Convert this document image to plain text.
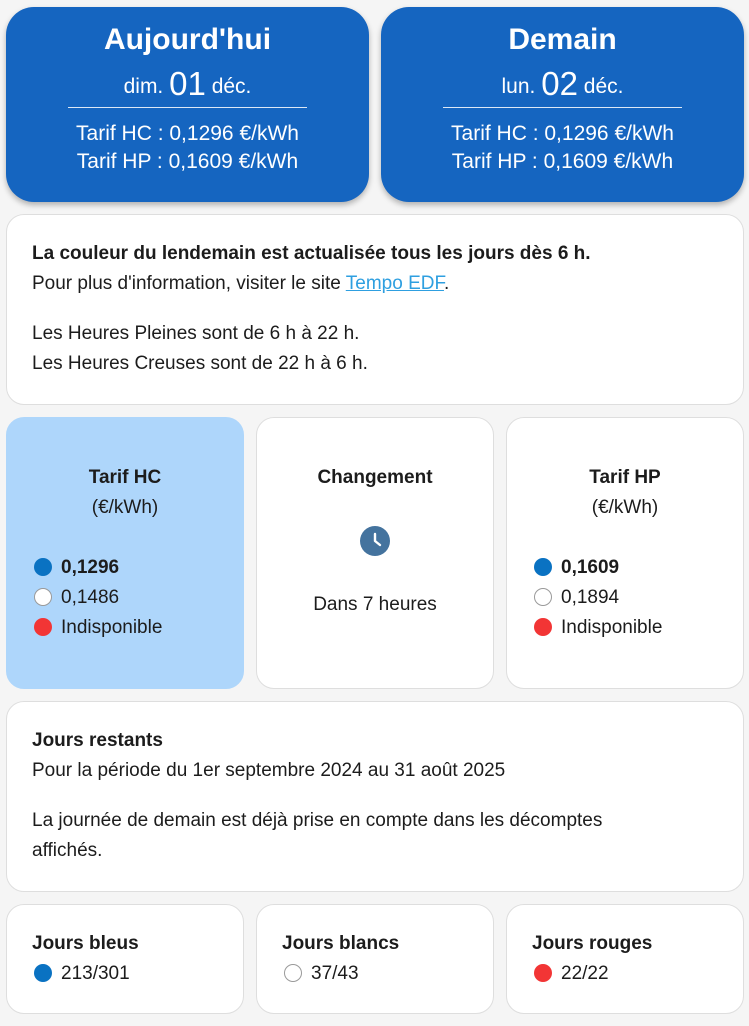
Aujourd'hui
dim. 01 déc.
Tarif HC : 0,1296 €/kWh
Tarif HP : 0,1609 €/kWh
Demain
lun. 02 déc.
Tarif HC : 0,1296 €/kWh
Tarif HP : 0,1609 €/kWh
La couleur du lendemain est actualisée tous les jours dès 6 h.
Pour plus d'information, visiter le site Tempo EDF.
Les Heures Pleines sont de 6 h à 22 h.
Les Heures Creuses sont de 22 h à 6 h.
Tarif HC
(€/kWh)
0,1296
0,1486
Indisponible
Changement
Dans 7 heures
Tarif HP
(€/kWh)
0,1609
0,1894
Indisponible
Jours restants
Pour la période du 1er septembre 2024 au 31 août 2025
La journée de demain est déjà prise en compte dans les décomptes
affichés.
Jours bleus
213/301
Jours blancs
37/43
Jours rouges
22/22
